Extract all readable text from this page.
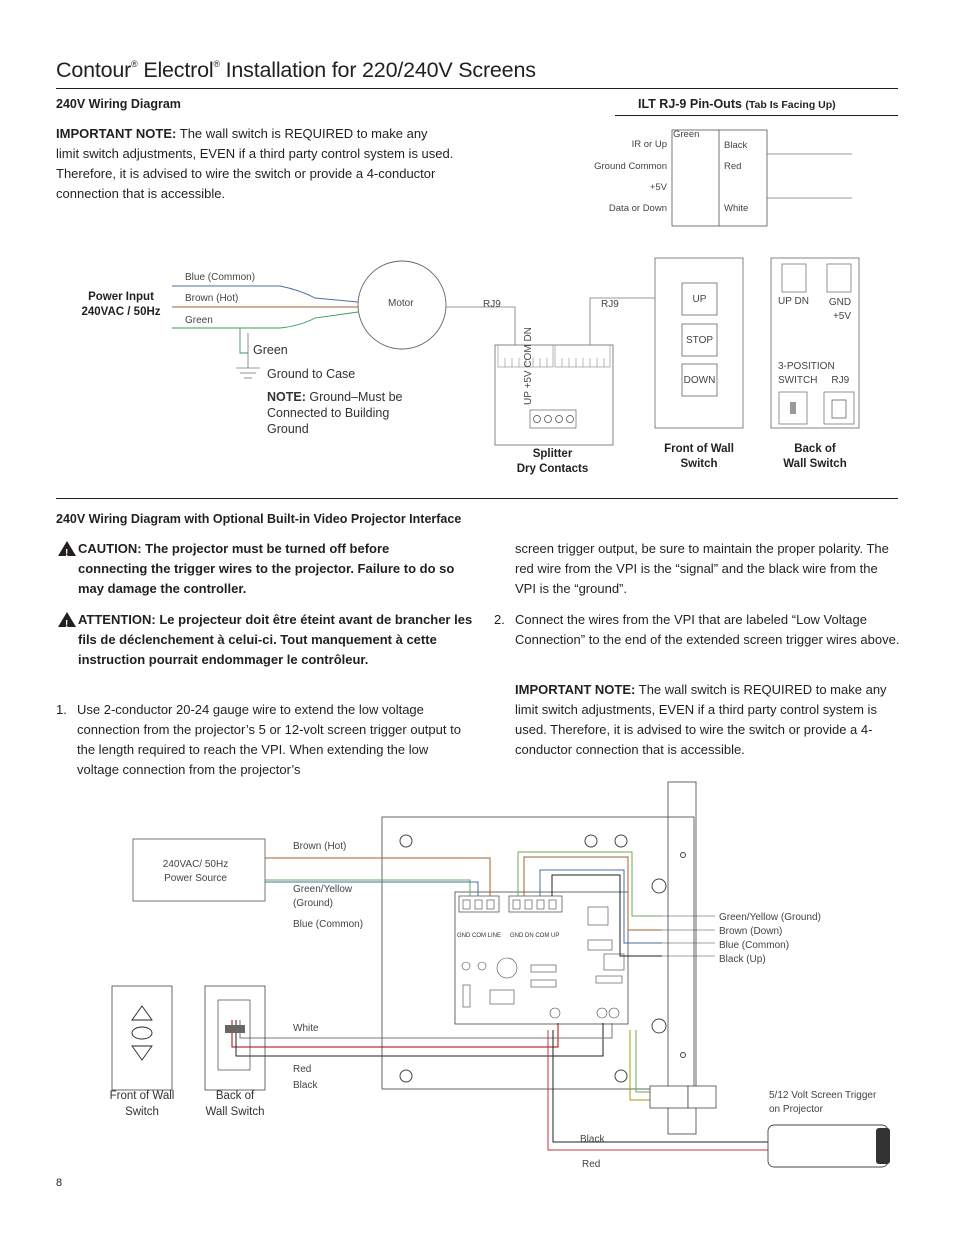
Contour® Electrol® Installation for 220/240V Screens
240V Wiring Diagram
IMPORTANT NOTE: The wall switch is REQUIRED to make any limit switch adjustments, EVEN if a third party control system is used. Therefore, it is advised to wire the switch or provide a 4-conductor connection that is accessible.
ILT RJ-9 Pin-Outs (Tab Is Facing Up)
IR or Up
Ground Common
+5V
Data or Down
Green
Black
Red
White
Power Input
240VAC / 50Hz
Blue (Common)
Brown (Hot)
Green
Motor	RJ9	RJ9
Green
Ground to Case
NOTE: Ground–Must be Connected to Building Ground
UP +5V COM DN
Splitter
Dry Contacts
UP
STOP
DOWN
Front of Wall
Switch
UP DN	GND
+5V
3-POSITION
SWITCH RJ9
Back of
Wall Switch
240V Wiring Diagram with Optional Built-in Video Projector Interface
!
CAUTION: The projector must be turned off before connecting the trigger wires to the projector. Failure to do so may damage the controller.
!
ATTENTION: Le projecteur doit être éteint avant de brancher les fils de déclenchement à celui-ci. Tout manquement à cette instruction pourrait endommager le contrôleur.
1. Use 2-conductor 20-24 gauge wire to extend the low voltage connection from the projector’s 5 or 12-volt screen trigger output to the length required to reach the VPI. When extending the low voltage connection from the projector’s
screen trigger output, be sure to maintain the proper polarity. The red wire from the VPI is the “signal” and the black wire from the VPI is the “ground”.
2. Connect the wires from the VPI that are labeled “Low Voltage Connection” to the end of the extended screen trigger wires above.
IMPORTANT NOTE: The wall switch is REQUIRED to make any limit switch adjustments, EVEN if a third party control system is used. Therefore, it is advised to wire the switch or provide a 4-conductor connection that is accessible.
240VAC/ 50Hz
Power Source
Brown (Hot)
Green/Yellow
(Ground)
Blue (Common)
White
Red
Black
GND COM LINE GND DN COM UP
Green/Yellow (Ground)
Brown (Down)
Blue (Common)
Black (Up)
Front of Wall
Switch
Back of
Wall Switch
5/12 Volt Screen Trigger
on Projector
Black
Red
8
